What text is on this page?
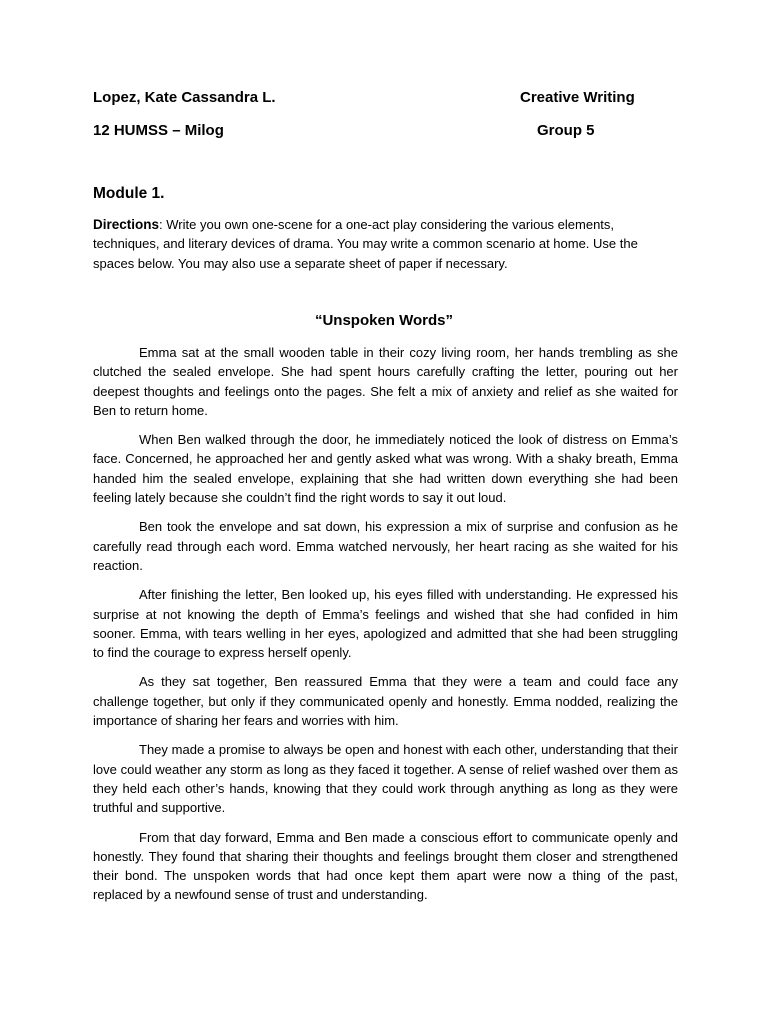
Lopez, Kate Cassandra L.	Creative Writing
12 HUMSS – Milog	Group 5
Module 1.

Directions: Write you own one-scene for a one-act play considering the various elements, techniques, and literary devices of drama. You may write a common scenario at home. Use the spaces below. You may also use a separate sheet of paper if necessary.

“Unspoken Words”

Emma sat at the small wooden table in their cozy living room, her hands trembling as she clutched the sealed envelope. She had spent hours carefully crafting the letter, pouring out her deepest thoughts and feelings onto the pages. She felt a mix of anxiety and relief as she waited for Ben to return home.

When Ben walked through the door, he immediately noticed the look of distress on Emma’s face. Concerned, he approached her and gently asked what was wrong. With a shaky breath, Emma handed him the sealed envelope, explaining that she had written down everything she had been feeling lately because she couldn’t find the right words to say it out loud.

Ben took the envelope and sat down, his expression a mix of surprise and confusion as he carefully read through each word. Emma watched nervously, her heart racing as she waited for his reaction.

After finishing the letter, Ben looked up, his eyes filled with understanding. He expressed his surprise at not knowing the depth of Emma’s feelings and wished that she had confided in him sooner. Emma, with tears welling in her eyes, apologized and admitted that she had been struggling to find the courage to express herself openly.

As they sat together, Ben reassured Emma that they were a team and could face any challenge together, but only if they communicated openly and honestly. Emma nodded, realizing the importance of sharing her fears and worries with him.

They made a promise to always be open and honest with each other, understanding that their love could weather any storm as long as they faced it together. A sense of relief washed over them as they held each other’s hands, knowing that they could work through anything as long as they were truthful and supportive.

From that day forward, Emma and Ben made a conscious effort to communicate openly and honestly. They found that sharing their thoughts and feelings brought them closer and strengthened their bond. The unspoken words that had once kept them apart were now a thing of the past, replaced by a newfound sense of trust and understanding.
